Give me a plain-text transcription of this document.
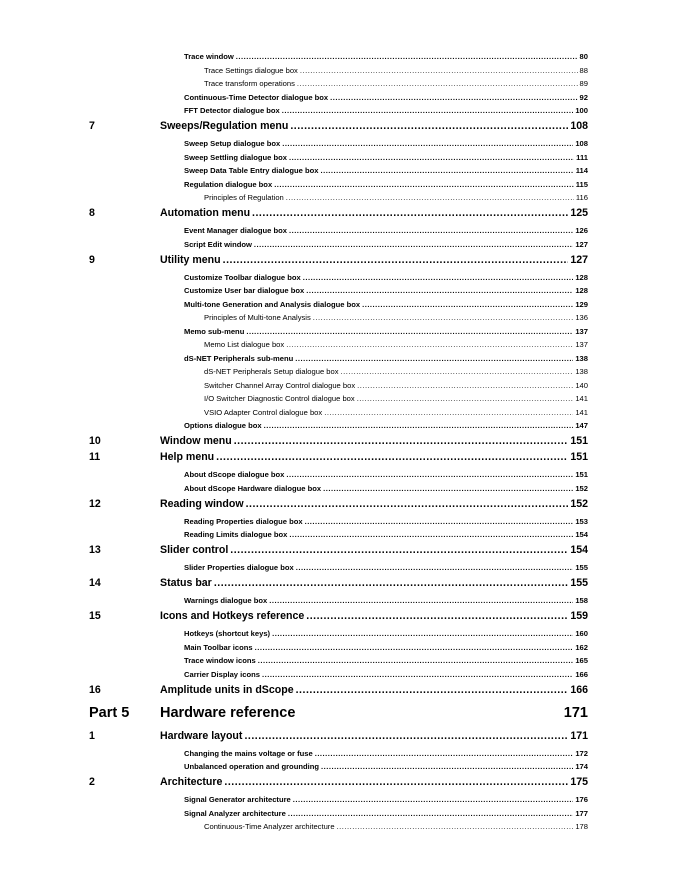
Trace window .....	80
Trace Settings dialogue box .....	88
Trace transform operations .....	89
Continuous-Time Detector dialogue box .....	92
FFT Detector dialogue box .....	100
7	Sweeps/Regulation menu .....	108
Sweep Setup dialogue box .....	108
Sweep Settling dialogue box .....	111
Sweep Data Table Entry dialogue box .....	114
Regulation dialogue box .....	115
Principles of Regulation .....	116
8	Automation menu .....	125
Event Manager dialogue box .....	126
Script Edit window .....	127
9	Utility menu .....	127
Customize Toolbar dialogue box .....	128
Customize User bar dialogue box .....	128
Multi-tone Generation and Analysis dialogue box .....	129
Principles of Multi-tone Analysis .....	136
Memo sub-menu .....	137
Memo List dialogue box .....	137
dS-NET Peripherals sub-menu .....	138
dS-NET Peripherals Setup dialogue box .....	138
Switcher Channel Array Control dialogue box .....	140
I/O Switcher Diagnostic Control dialogue box .....	141
VSIO Adapter Control dialogue box .....	141
Options dialogue box .....	147
10	Window menu .....	151
11	Help menu .....	151
About dScope dialogue box .....	151
About dScope Hardware dialogue box .....	152
12	Reading window .....	152
Reading Properties dialogue box .....	153
Reading Limits dialogue box .....	154
13	Slider control .....	154
Slider Properties dialogue box .....	155
14	Status bar .....	155
Warnings dialogue box .....	158
15	Icons and Hotkeys reference .....	159
Hotkeys (shortcut keys) .....	160
Main Toolbar icons .....	162
Trace window icons .....	165
Carrier Display icons .....	166
16	Amplitude units in dScope .....	166
Part 5 Hardware reference	171
1	Hardware layout .....	171
Changing the mains voltage or fuse .....	172
Unbalanced operation and grounding .....	174
2	Architecture .....	175
Signal Generator architecture .....	176
Signal Analyzer architecture .....	177
Continuous-Time Analyzer architecture .....	178
